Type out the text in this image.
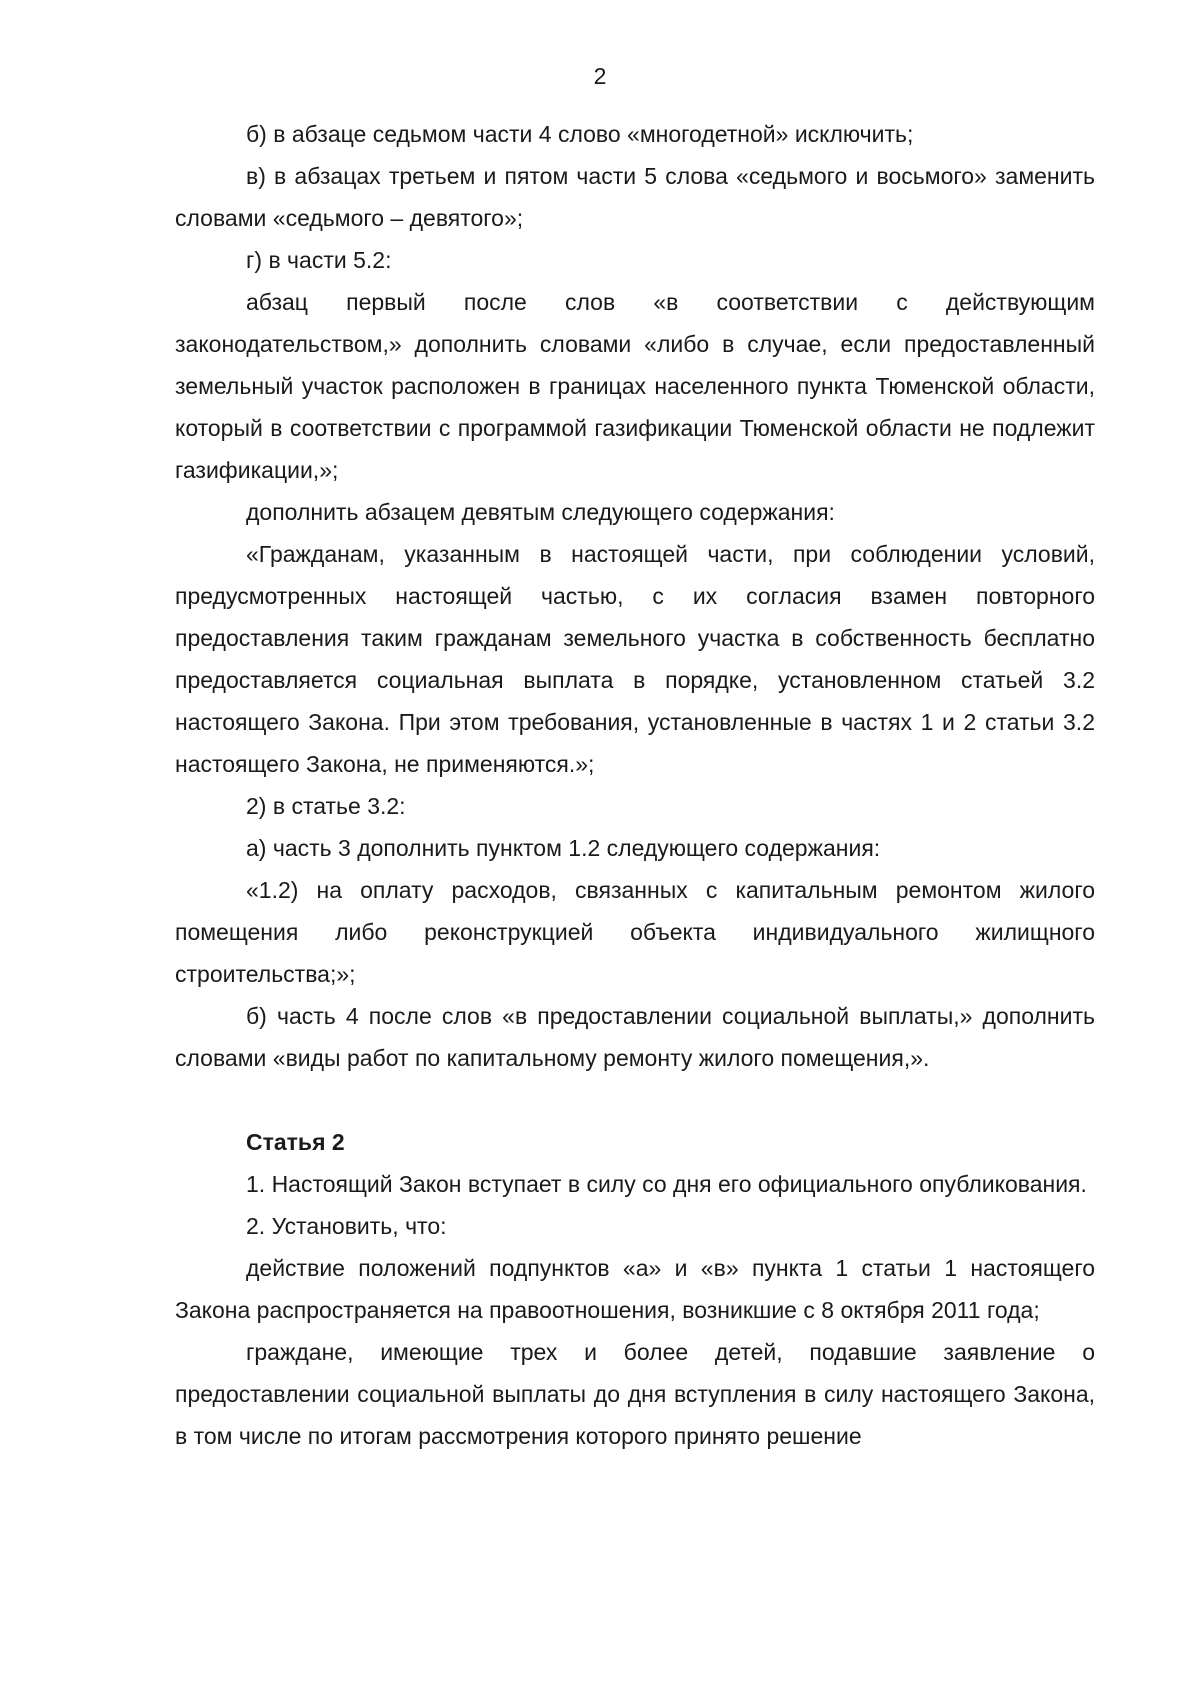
2

б) в абзаце седьмом части 4 слово «многодетной» исключить;

в) в абзацах третьем и пятом части 5 слова «седьмого и восьмого» заменить словами «седьмого – девятого»;

г) в части 5.2:

абзац первый после слов «в соответствии с действующим законодательством,» дополнить словами «либо в случае, если предоставленный земельный участок расположен в границах населенного пункта Тюменской области, который в соответствии с программой газификации Тюменской области не подлежит газификации,»;

дополнить абзацем девятым следующего содержания:

«Гражданам, указанным в настоящей части, при соблюдении условий, предусмотренных настоящей частью, с их согласия взамен повторного предоставления таким гражданам земельного участка в собственность бесплатно предоставляется социальная выплата в порядке, установленном статьей 3.2 настоящего Закона. При этом требования, установленные в частях 1 и 2 статьи 3.2 настоящего Закона, не применяются.»;

2) в статье 3.2:

а) часть 3 дополнить пунктом 1.2 следующего содержания:

«1.2) на оплату расходов, связанных с капитальным ремонтом жилого помещения либо реконструкцией объекта индивидуального жилищного строительства;»;

б) часть 4 после слов «в предоставлении социальной выплаты,» дополнить словами «виды работ по капитальному ремонту жилого помещения,».

Статья 2

1. Настоящий Закон вступает в силу со дня его официального опубликования.

2. Установить, что:

действие положений подпунктов «а» и «в» пункта 1 статьи 1 настоящего Закона распространяется на правоотношения, возникшие с 8 октября 2011 года;

граждане, имеющие трех и более детей, подавшие заявление о предоставлении социальной выплаты до дня вступления в силу настоящего Закона, в том числе по итогам рассмотрения которого принято решение
